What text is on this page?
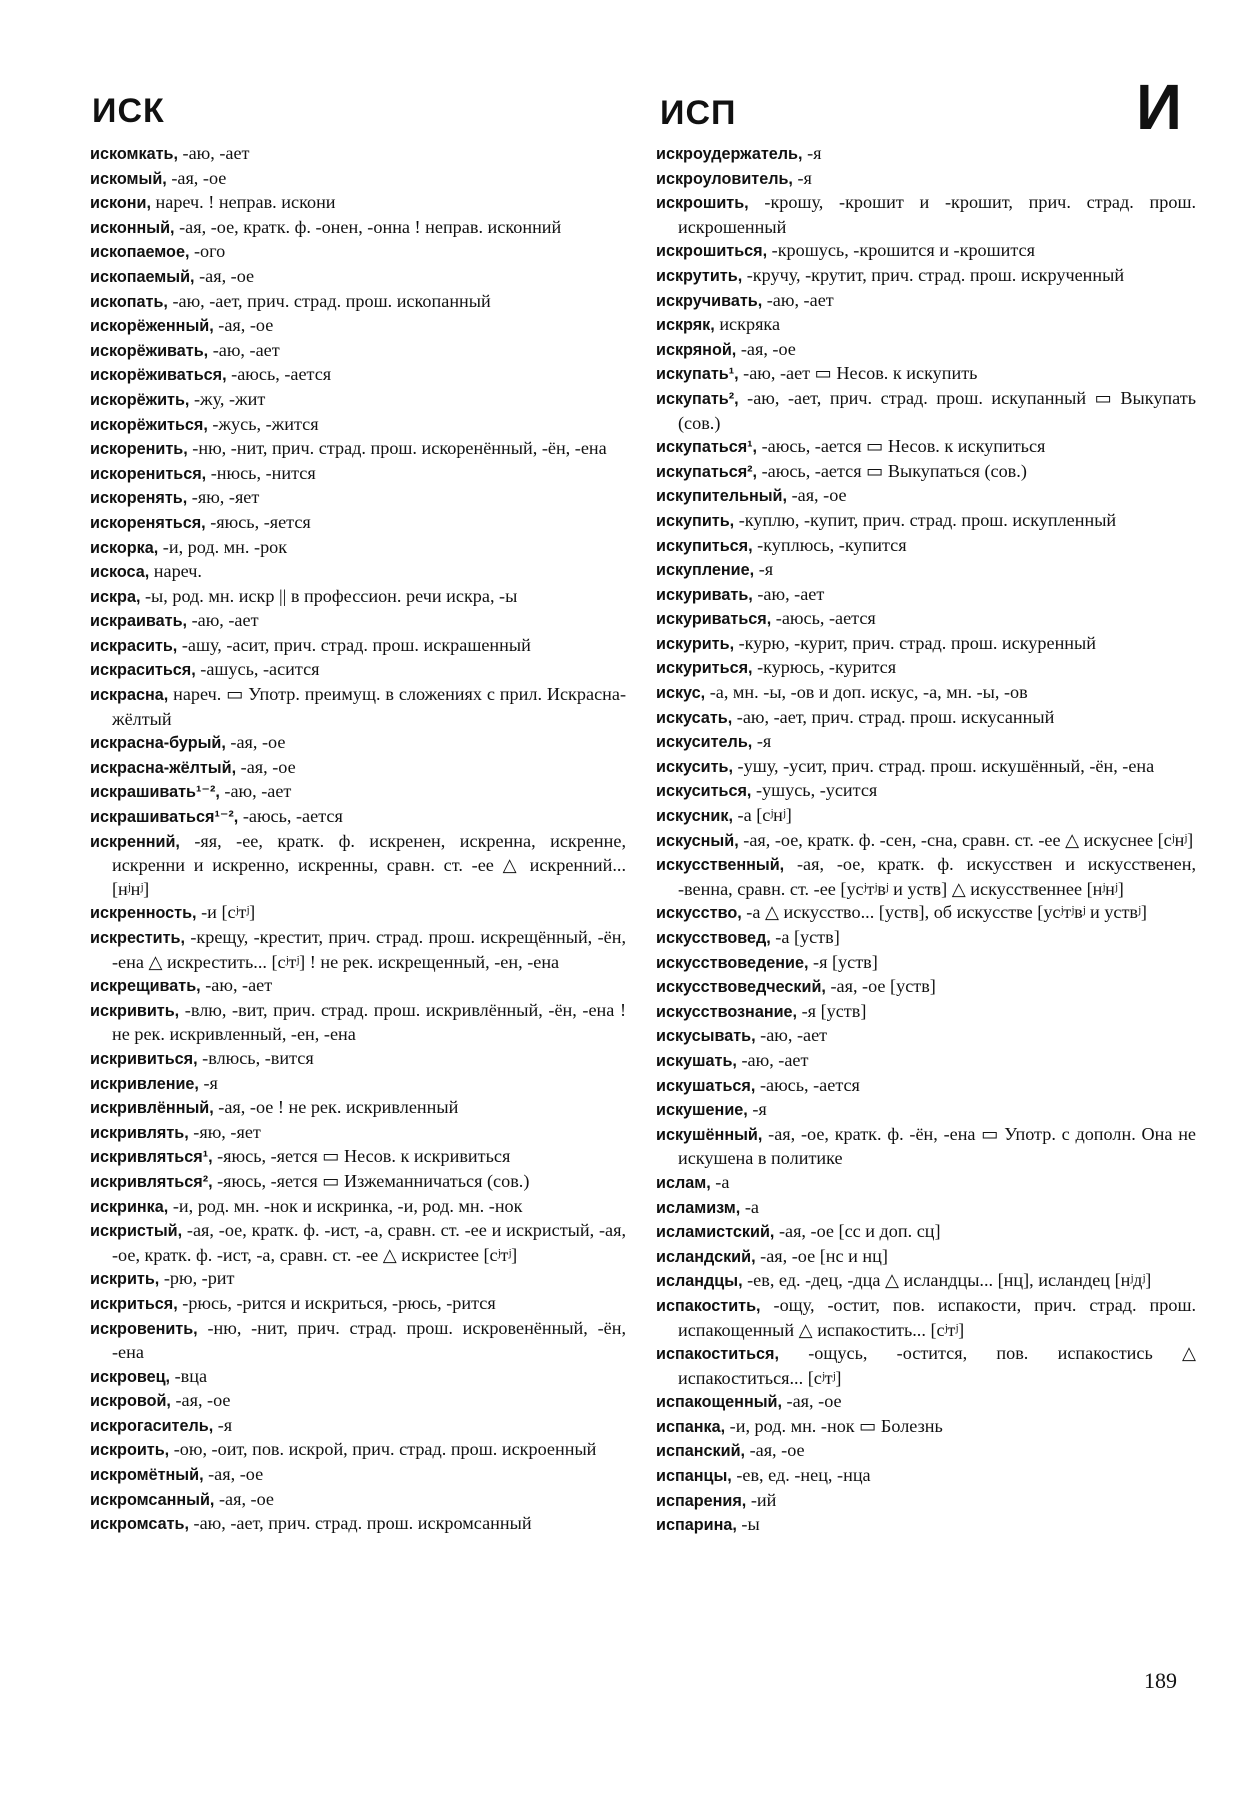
ИСК	ИСП	И

искомкать, -аю, -ает

искомый, -ая, -ое

искони, нареч. ! неправ. искони

исконный, -ая, -ое, кратк. ф. -онен, -онна ! неправ. исконний

ископаемое, -ого

ископаемый, -ая, -ое

ископать, -аю, -ает, прич. страд. прош. ископанный

искорёженный, -ая, -ое

искорёживать, -аю, -ает

искорёживаться, -аюсь, -ается

искорёжить, -жу, -жит

искорёжиться, -жусь, -жится

искоренить, -ню, -нит, прич. страд. прош. искоренённый, -ён, -ена

искорениться, -нюсь, -нится

искоренять, -яю, -яет

искореняться, -яюсь, -яется

искорка, -и, род. мн. -рок

искоса, нареч.

искра, -ы, род. мн. искр || в профессион. речи искра, -ы

искраивать, -аю, -ает

искрасить, -ашу, -асит, прич. страд. прош. искрашенный

искраситься, -ашусь, -асится

искрасна, нареч. ▭ Употр. преимущ. в сложениях с прил. Искрасна-жёлтый

искрасна-бурый, -ая, -ое

искрасна-жёлтый, -ая, -ое

искрашивать¹⁻², -аю, -ает

искрашиваться¹⁻², -аюсь, -ается

искренний, -яя, -ее, кратк. ф. искренен, искренна, искренне, искренни и искренно, искренны, сравн. ст. -ее △ искренний... [нʲнʲ]

искренность, -и [сʲтʲ]

искрестить, -крещу, -крестит, прич. страд. прош. искрещённый, -ён, -ена △ искрестить... [сʲтʲ] ! не рек. искрещенный, -ен, -ена

искрещивать, -аю, -ает

искривить, -влю, -вит, прич. страд. прош. искривлённый, -ён, -ена ! не рек. искривленный, -ен, -ена

искривиться, -влюсь, -вится

искривление, -я

искривлённый, -ая, -ое ! не рек. искривленный

искривлять, -яю, -яет

искривляться¹, -яюсь, -яется ▭ Несов. к искривиться

искривляться², -яюсь, -яется ▭ Изжеманничаться (сов.)

искринка, -и, род. мн. -нок и искринка, -и, род. мн. -нок

искристый, -ая, -ое, кратк. ф. -ист, -а, сравн. ст. -ее и искристый, -ая, -ое, кратк. ф. -ист, -а, сравн. ст. -ее △ искристее [сʲтʲ]

искрить, -рю, -рит

искриться, -рюсь, -рится и искриться, -рюсь, -рится

искровенить, -ню, -нит, прич. страд. прош. искровенённый, -ён, -ена

искровец, -вца

искровой, -ая, -ое

искрогаситель, -я

искроить, -ою, -оит, пов. искрой, прич. страд. прош. искроенный

искромётный, -ая, -ое

искромсанный, -ая, -ое

искромсать, -аю, -ает, прич. страд. прош. искромсанный

искроудержатель, -я

искроуловитель, -я

искрошить, -крошу, -крошит и -крошит, прич. страд. прош. искрошенный

искрошиться, -крошусь, -крошится и -крошится

искрутить, -кручу, -крутит, прич. страд. прош. искрученный

искручивать, -аю, -ает

искряк, искряка

искряной, -ая, -ое

искупать¹, -аю, -ает ▭ Несов. к искупить

искупать², -аю, -ает, прич. страд. прош. искупанный ▭ Выкупать (сов.)

искупаться¹, -аюсь, -ается ▭ Несов. к искупиться

искупаться², -аюсь, -ается ▭ Выкупаться (сов.)

искупительный, -ая, -ое

искупить, -куплю, -купит, прич. страд. прош. искупленный

искупиться, -куплюсь, -купится

искупление, -я

искуривать, -аю, -ает

искуриваться, -аюсь, -ается

искурить, -курю, -курит, прич. страд. прош. искуренный

искуриться, -курюсь, -курится

искус, -а, мн. -ы, -ов и доп. искус, -а, мн. -ы, -ов

искусать, -аю, -ает, прич. страд. прош. искусанный

искуситель, -я

искусить, -ушу, -усит, прич. страд. прош. искушённый, -ён, -ена

искуситься, -ушусь, -усится

искусник, -а [сʲнʲ]

искусный, -ая, -ое, кратк. ф. -сен, -сна, сравн. ст. -ее △ искуснее [сʲнʲ]

искусственный, -ая, -ое, кратк. ф. искусствен и искусственен, -венна, сравн. ст. -ее [усʲтʲвʲ и уств] △ искусственнее [нʲнʲ]

искусство, -а △ искусство... [уств], об искусстве [усʲтʲвʲ и уствʲ]

искусствовед, -а [уств]

искусствоведение, -я [уств]

искусствоведческий, -ая, -ое [уств]

искусствознание, -я [уств]

искусывать, -аю, -ает

искушать, -аю, -ает

искушаться, -аюсь, -ается

искушение, -я

искушённый, -ая, -ое, кратк. ф. -ён, -ена ▭ Употр. с дополн. Она не искушена в политике

ислам, -а

исламизм, -а

исламистский, -ая, -ое [сс и доп. сц]

исландский, -ая, -ое [нс и нц]

исландцы, -ев, ед. -дец, -дца △ исландцы... [нц], исландец [нʲдʲ]

испакостить, -ощу, -остит, пов. испакости, прич. страд. прош. испакощенный △ испакостить... [сʲтʲ]

испакоститься, -ощусь, -остится, пов. испакостись △ испакоститься... [сʲтʲ]

испакощенный, -ая, -ое

испанка, -и, род. мн. -нок ▭ Болезнь

испанский, -ая, -ое

испанцы, -ев, ед. -нец, -нца

испарения, -ий

испарина, -ы

189
